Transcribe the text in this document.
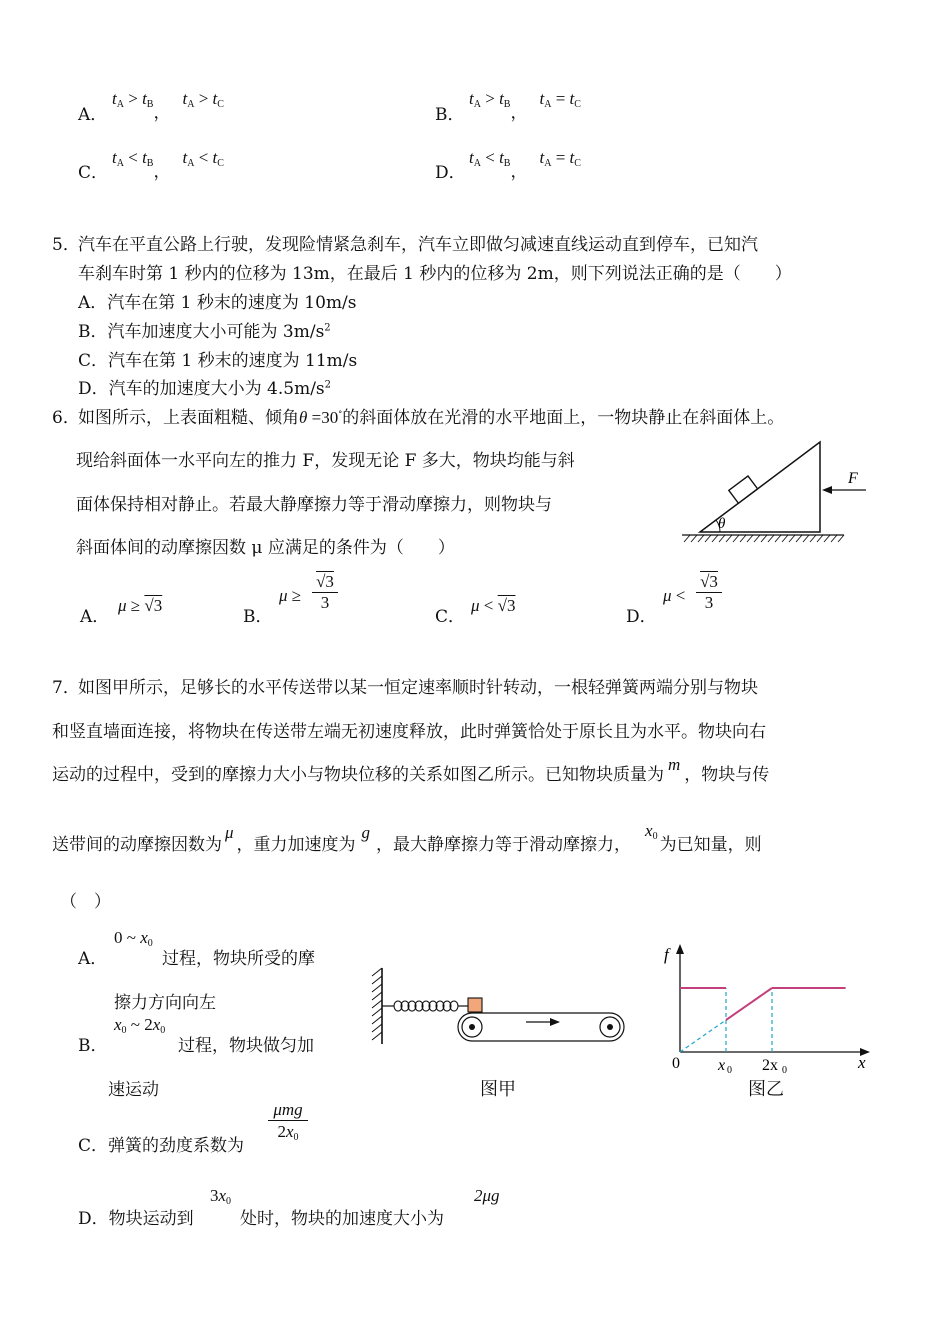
A．
$t_A > t_B$，$t_A > t_C$
B．
$t_A > t_B$，$t_A = t_C$
C．
$t_A < t_B$，$t_A < t_C$	D．
$t_A < t_B$，$t_A = t_C$
5．
汽车在平直公路上行驶，发现险情紧急刹车，汽车立即做匀减速直线运动直到停车，已知汽
车刹车时第 1 秒内的位移为 13m，在最后 1 秒内的位移为 2m，则下列说法正确的是（　　）
A．汽车在第 1 秒末的速度为 10m/s
B．汽车加速度大小可能为 $3m/s^2$
C．汽车在第 1 秒末的速度为 11m/s
D．汽车的加速度大小为 $4.5m/s^2$
6．
如图所示，上表面粗糙、倾角θ =30°的斜面体放在光滑的水平地面上，一物块静止在斜面体上。
现给斜面体一水平向左的推力 F，发现无论 F 多大，物块均能与斜
面体保持相对静止。若最大静摩擦力等于滑动摩擦力，则物块与
斜面体间的动摩擦因数 μ 应满足的条件为（　　）
θ
F
A．
μ ≥ √3
B．
μ ≥
√3
3
C．
μ < √3
D．
μ <
√3
3
7．
如图甲所示，足够长的水平传送带以某一恒定速率顺时针转动，一根轻弹簧两端分别与物块
和竖直墙面连接，将物块在传送带左端无初速度释放，此时弹簧恰处于原长且为水平。物块向右
运动的过程中，受到的摩擦力大小与物块位移的关系如图乙所示。已知物块质量为m，物块与传
送带间的动摩擦因数为μ，重力加速度为g，最大静摩擦力等于滑动摩擦力，$x_0$ 为已知量，则
（　）
A．
0 ~ $x_0$
过程，物块所受的摩
擦力方向向左
B．
$x_0$ ~ $2x_0$
过程，物块做匀加
速运动
C．弹簧的劲度系数为
μmg
$2x_0$
D．物块运动到
$3x_0$
处时，物块的加速度大小为
2μg
图甲
f
x
0 x 0 2x 0
图乙
